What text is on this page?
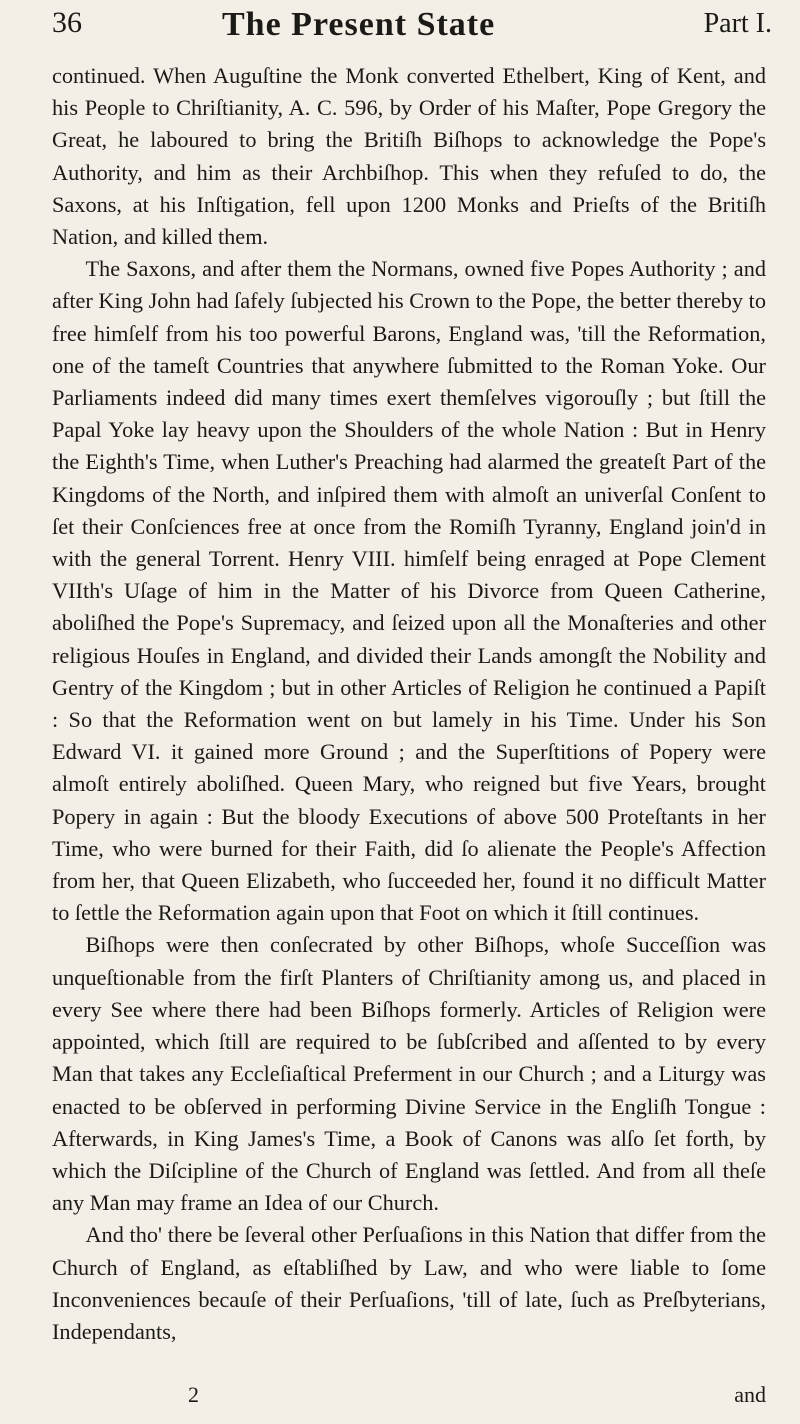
36	The Present State	Part I.

continued. When Auguſtine the Monk converted Ethelbert, King of Kent, and his People to Chriſtianity, A. C. 596, by Order of his Maſter, Pope Gregory the Great, he laboured to bring the Britiſh Biſhops to acknowledge the Pope's Authority, and him as their Archbiſhop. This when they refuſed to do, the Saxons, at his Inſtigation, fell upon 1200 Monks and Prieſts of the Britiſh Nation, and killed them.

The Saxons, and after them the Normans, owned five Popes Authority ; and after King John had ſafely ſubjected his Crown to the Pope, the better thereby to free himſelf from his too powerful Barons, England was, 'till the Reformation, one of the tameſt Countries that anywhere ſubmitted to the Roman Yoke. Our Parliaments indeed did many times exert themſelves vigorouſly ; but ſtill the Papal Yoke lay heavy upon the Shoulders of the whole Nation : But in Henry the Eighth's Time, when Luther's Preaching had alarmed the greateſt Part of the Kingdoms of the North, and inſpired them with almoſt an univerſal Conſent to ſet their Conſciences free at once from the Romiſh Tyranny, England join'd in with the general Torrent. Henry VIII. himſelf being enraged at Pope Clement VIIth's Uſage of him in the Matter of his Divorce from Queen Catherine, aboliſhed the Pope's Supremacy, and ſeized upon all the Monaſteries and other religious Houſes in England, and divided their Lands amongſt the Nobility and Gentry of the Kingdom ; but in other Articles of Religion he continued a Papiſt : So that the Reformation went on but lamely in his Time. Under his Son Edward VI. it gained more Ground ; and the Superſtitions of Popery were almoſt entirely aboliſhed. Queen Mary, who reigned but five Years, brought Popery in again : But the bloody Executions of above 500 Proteſtants in her Time, who were burned for their Faith, did ſo alienate the People's Affection from her, that Queen Elizabeth, who ſucceeded her, found it no difficult Matter to ſettle the Reformation again upon that Foot on which it ſtill continues.

Biſhops were then conſecrated by other Biſhops, whoſe Succeſſion was unqueſtionable from the firſt Planters of Chriſtianity among us, and placed in every See where there had been Biſhops formerly. Articles of Religion were appointed, which ſtill are required to be ſubſcribed and aſſented to by every Man that takes any Eccleſiaſtical Preferment in our Church ; and a Liturgy was enacted to be obſerved in performing Divine Service in the Engliſh Tongue : Afterwards, in King James's Time, a Book of Canons was alſo ſet forth, by which the Diſcipline of the Church of England was ſettled. And from all theſe any Man may frame an Idea of our Church.

And tho' there be ſeveral other Perſuaſions in this Nation that differ from the Church of England, as eſtabliſhed by Law, and who were liable to ſome Inconveniences becauſe of their Perſuaſions, 'till of late, ſuch as Preſbyterians, Independants,

2	and
